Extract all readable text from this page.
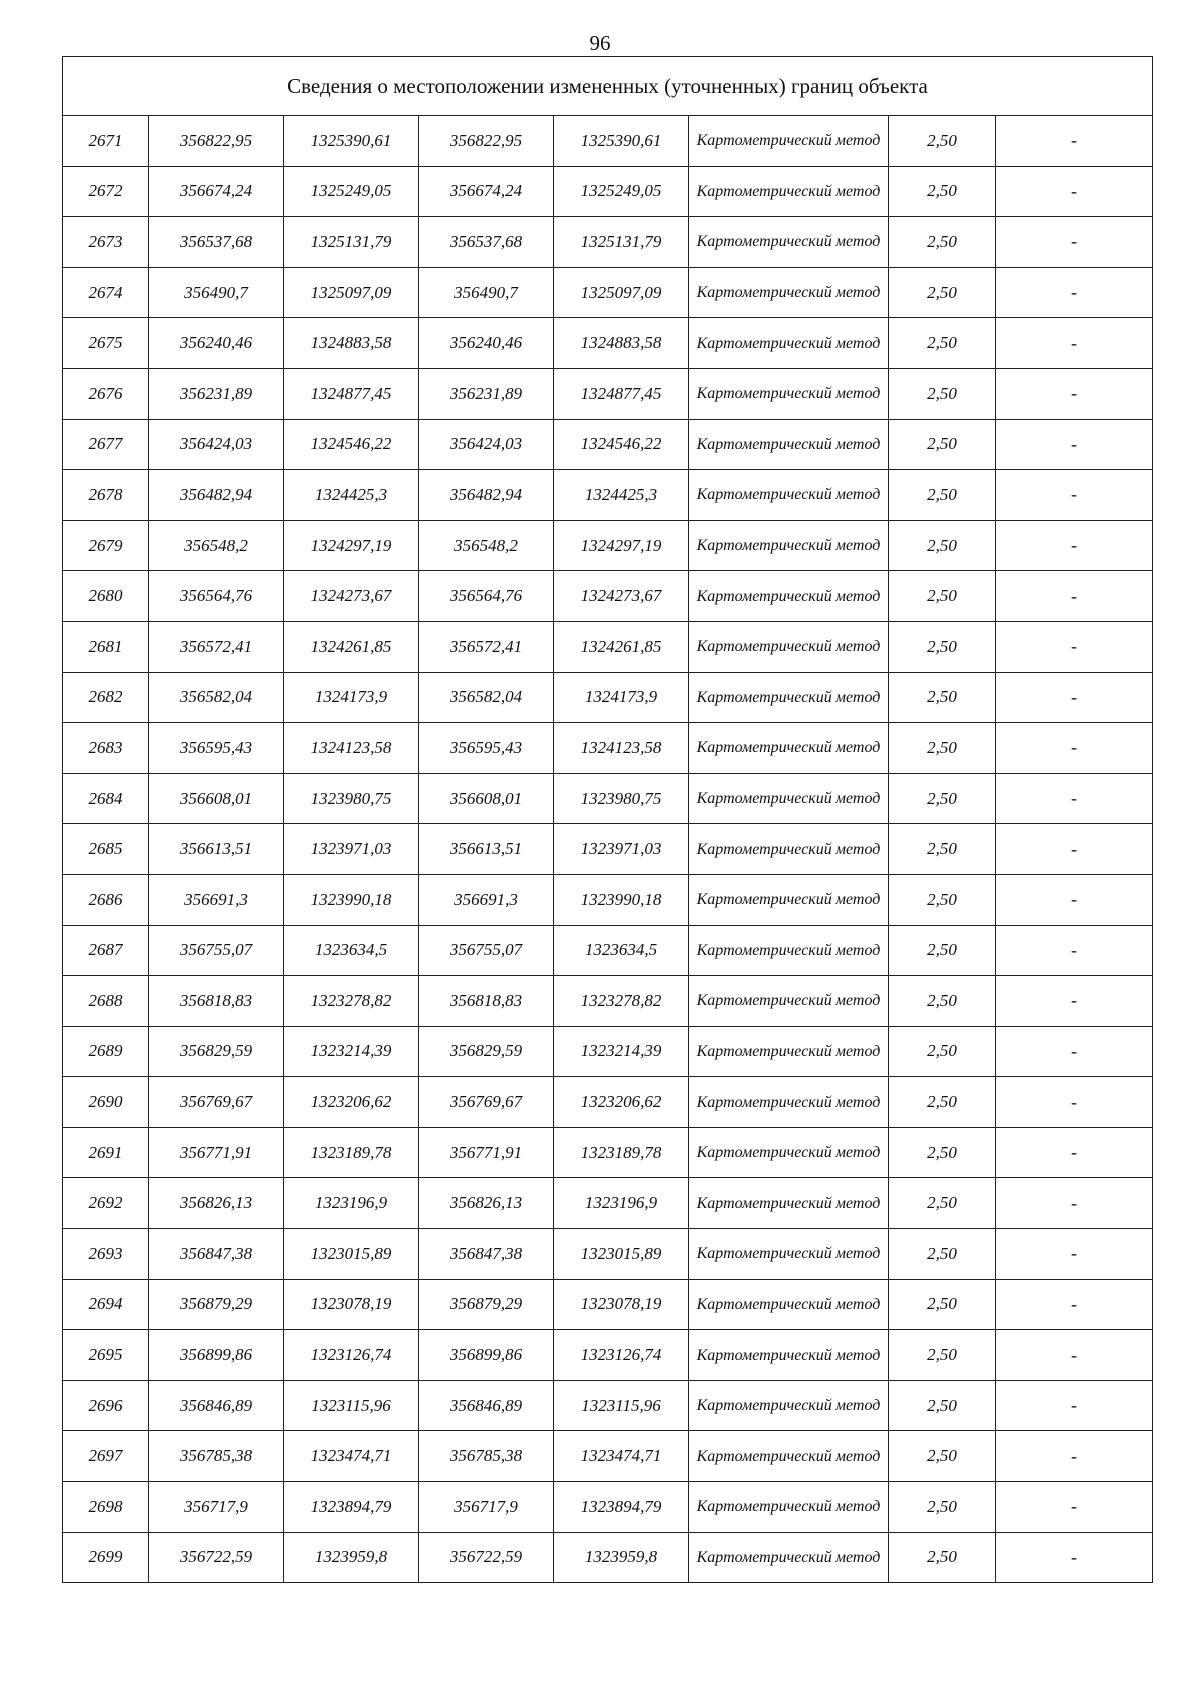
96
Сведения о местоположении измененных (уточненных) границ объекта							
2671	356822,95	1325390,61	356822,95	1325390,61	Картометрический метод	2,50	-
2672	356674,24	1325249,05	356674,24	1325249,05	Картометрический метод	2,50	-
2673	356537,68	1325131,79	356537,68	1325131,79	Картометрический метод	2,50	-
2674	356490,7	1325097,09	356490,7	1325097,09	Картометрический метод	2,50	-
2675	356240,46	1324883,58	356240,46	1324883,58	Картометрический метод	2,50	-
2676	356231,89	1324877,45	356231,89	1324877,45	Картометрический метод	2,50	-
2677	356424,03	1324546,22	356424,03	1324546,22	Картометрический метод	2,50	-
2678	356482,94	1324425,3	356482,94	1324425,3	Картометрический метод	2,50	-
2679	356548,2	1324297,19	356548,2	1324297,19	Картометрический метод	2,50	-
2680	356564,76	1324273,67	356564,76	1324273,67	Картометрический метод	2,50	-
2681	356572,41	1324261,85	356572,41	1324261,85	Картометрический метод	2,50	-
2682	356582,04	1324173,9	356582,04	1324173,9	Картометрический метод	2,50	-
2683	356595,43	1324123,58	356595,43	1324123,58	Картометрический метод	2,50	-
2684	356608,01	1323980,75	356608,01	1323980,75	Картометрический метод	2,50	-
2685	356613,51	1323971,03	356613,51	1323971,03	Картометрический метод	2,50	-
2686	356691,3	1323990,18	356691,3	1323990,18	Картометрический метод	2,50	-
2687	356755,07	1323634,5	356755,07	1323634,5	Картометрический метод	2,50	-
2688	356818,83	1323278,82	356818,83	1323278,82	Картометрический метод	2,50	-
2689	356829,59	1323214,39	356829,59	1323214,39	Картометрический метод	2,50	-
2690	356769,67	1323206,62	356769,67	1323206,62	Картометрический метод	2,50	-
2691	356771,91	1323189,78	356771,91	1323189,78	Картометрический метод	2,50	-
2692	356826,13	1323196,9	356826,13	1323196,9	Картометрический метод	2,50	-
2693	356847,38	1323015,89	356847,38	1323015,89	Картометрический метод	2,50	-
2694	356879,29	1323078,19	356879,29	1323078,19	Картометрический метод	2,50	-
2695	356899,86	1323126,74	356899,86	1323126,74	Картометрический метод	2,50	-
2696	356846,89	1323115,96	356846,89	1323115,96	Картометрический метод	2,50	-
2697	356785,38	1323474,71	356785,38	1323474,71	Картометрический метод	2,50	-
2698	356717,9	1323894,79	356717,9	1323894,79	Картометрический метод	2,50	-
2699	356722,59	1323959,8	356722,59	1323959,8	Картометрический метод	2,50	-
